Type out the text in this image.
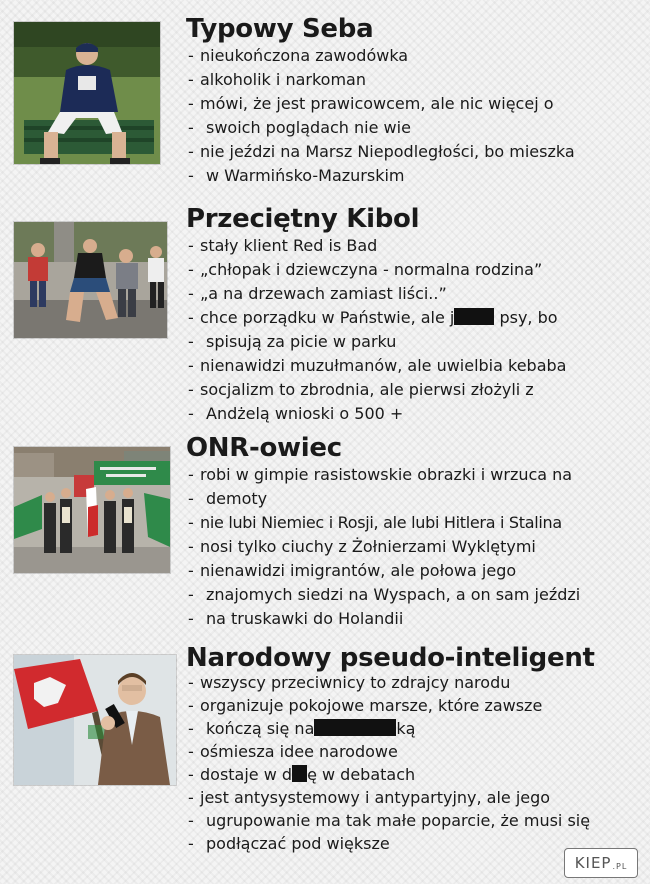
Typowy Seba
- nieukończona zawodówka
- alkoholik i narkoman
- mówi, że jest prawicowcem, ale nic więcej o
- swoich poglądach nie wie
- nie jeździ na Marsz Niepodległości, bo mieszka
- w Warmińsko-Mazurskim
Przeciętny Kibol
- stały klient Red is Bad
- „chłopak i dziewczyna - normalna rodzina”
- „a na drzewach zamiast liści..”
- chce porządku w Państwie, ale j	psy, bo
- spisują za picie w parku
- nienawidzi muzułmanów, ale uwielbia kebaba
- socjalizm to zbrodnia, ale pierwsi złożyli z
- Andżelą wnioski o 500 +
ONR-owiec
- robi w gimpie rasistowskie obrazki i wrzuca na
- demoty
- nie lubi Niemiec i Rosji, ale lubi Hitlera i Stalina
- nosi tylko ciuchy z Żołnierzami Wyklętymi
- nienawidzi imigrantów, ale połowa jego
- znajomych siedzi na Wyspach, a on sam jeździ
- na truskawki do Holandii
Narodowy pseudo-inteligent
- wszyscy przeciwnicy to zdrajcy narodu
- organizuje pokojowe marsze, które zawsze
- kończą się na	ką
- ośmiesza idee narodowe
- dostaje w d ę w debatach
- jest antysystemowy i antypartyjny, ale jego
- ugrupowanie ma tak małe poparcie, że musi się
- podłączać pod większe
KIEP .PL
